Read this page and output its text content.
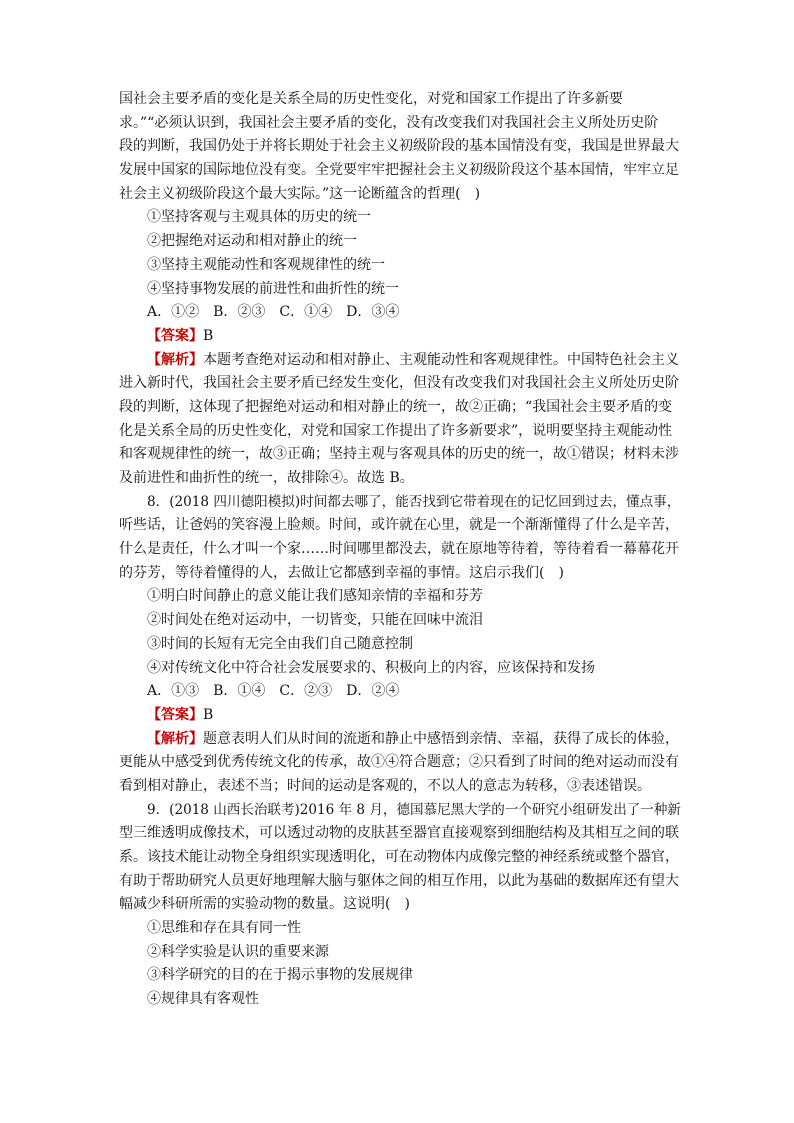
国社会主要矛盾的变化是关系全局的历史性变化，对党和国家工作提出了许多新要
求。”“必须认识到，我国社会主要矛盾的变化，没有改变我们对我国社会主义所处历史阶
段的判断，我国仍处于并将长期处于社会主义初级阶段的基本国情没有变，我国是世界最大
发展中国家的国际地位没有变。全党要牢牢把握社会主义初级阶段这个基本国情，牢牢立足
社会主义初级阶段这个最大实际。”这一论断蕴含的哲理(　)
①坚持客观与主观具体的历史的统一
②把握绝对运动和相对静止的统一
③坚持主观能动性和客观规律性的统一
④坚持事物发展的前进性和曲折性的统一
A．①②　B．②③　C．①④　D．③④
【答案】B
【解析】本题考查绝对运动和相对静止、主观能动性和客观规律性。中国特色社会主义
进入新时代，我国社会主要矛盾已经发生变化，但没有改变我们对我国社会主义所处历史阶
段的判断，这体现了把握绝对运动和相对静止的统一，故②正确；“我国社会主要矛盾的变
化是关系全局的历史性变化，对党和国家工作提出了许多新要求”，说明要坚持主观能动性
和客观规律性的统一，故③正确；坚持主观与客观具体的历史的统一，故①错误；材料未涉
及前进性和曲折性的统一，故排除④。故选 B。
8．(2018 四川德阳模拟)时间都去哪了，能否找到它带着现在的记忆回到过去，懂点事，
听些话，让爸妈的笑容漫上脸颊。时间，或许就在心里，就是一个渐渐懂得了什么是辛苦，
什么是责任，什么才叫一个家……时间哪里都没去，就在原地等待着，等待着看一幕幕花开
的芬芳，等待着懂得的人，去做让它都感到幸福的事情。这启示我们(　)
①明白时间静止的意义能让我们感知亲情的幸福和芬芳
②时间处在绝对运动中，一切皆变，只能在回味中流泪
③时间的长短有无完全由我们自己随意控制
④对传统文化中符合社会发展要求的、积极向上的内容，应该保持和发扬
A．①③　B．①④　C．②③　D．②④
【答案】B
【解析】题意表明人们从时间的流逝和静止中感悟到亲情、幸福，获得了成长的体验，
更能从中感受到优秀传统文化的传承，故①④符合题意；②只看到了时间的绝对运动而没有
看到相对静止，表述不当；时间的运动是客观的，不以人的意志为转移，③表述错误。
9．(2018 山西长治联考)2016 年 8 月，德国慕尼黑大学的一个研究小组研发出了一种新
型三维透明成像技术，可以透过动物的皮肤甚至器官直接观察到细胞结构及其相互之间的联
系。该技术能让动物全身组织实现透明化，可在动物体内成像完整的神经系统或整个器官，
有助于帮助研究人员更好地理解大脑与躯体之间的相互作用，以此为基础的数据库还有望大
幅减少科研所需的实验动物的数量。这说明(　)
①思维和存在具有同一性
②科学实验是认识的重要来源
③科学研究的目的在于揭示事物的发展规律
④规律具有客观性
